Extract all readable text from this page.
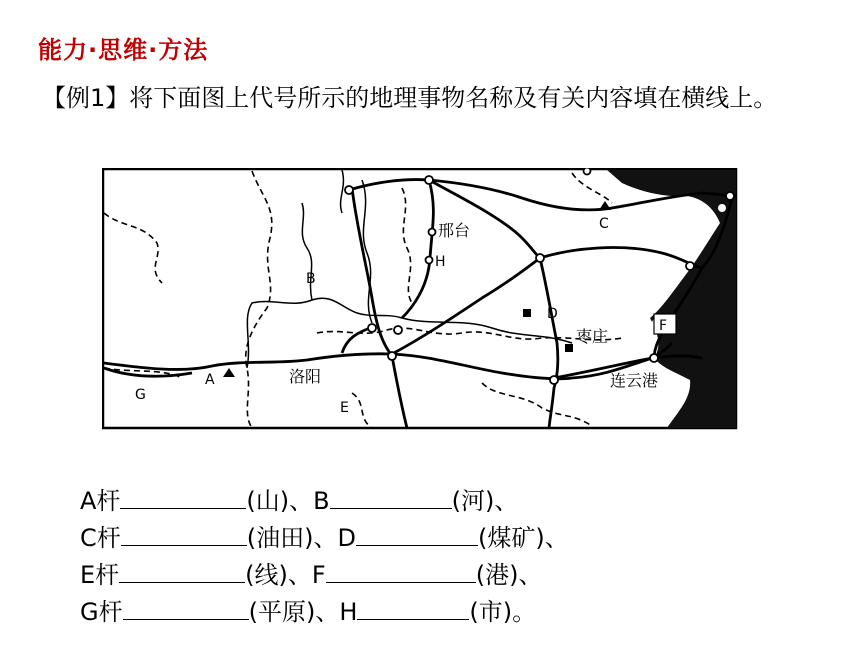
能力·思维·方法
【例1】将下面图上代号所示的地理事物名称及有关内容填在横线上。
邢台
洛阳
枣庄
连云港
A
B
C
D
E
F
G
H
A杆	(山)、B	(河)、
C杆	(油田)、D	(煤矿)、
E杆	(线)、F	(港)、
G杆	(平原)、H	(市)。
